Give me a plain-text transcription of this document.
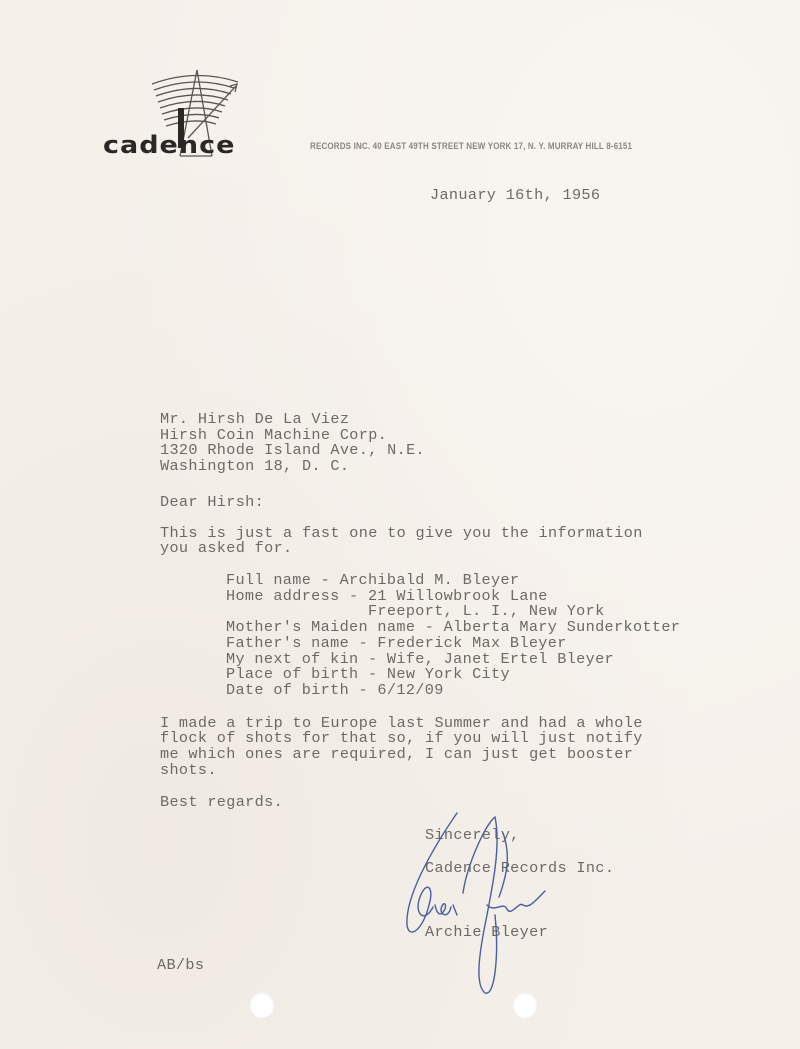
cadence	RECORDS INC. 40 EAST 49TH STREET NEW YORK 17, N. Y. MURRAY HILL 8-6151
January 16th, 1956
Mr. Hirsh De La Viez
Hirsh Coin Machine Corp.
1320 Rhode Island Ave., N.E.
Washington 18, D. C.
Dear Hirsh:
This is just a fast one to give you the information
you asked for.
Full name - Archibald M. Bleyer
Home address - 21 Willowbrook Lane
Freeport, L. I., New York
Mother's Maiden name - Alberta Mary Sunderkotter
Father's name - Frederick Max Bleyer
My next of kin - Wife, Janet Ertel Bleyer
Place of birth - New York City
Date of birth - 6/12/09
I made a trip to Europe last Summer and had a whole
flock of shots for that so, if you will just notify
me which ones are required, I can just get booster
shots.
Best regards.
Sincerely,
Cadence Records Inc.
Archie Bleyer
AB/bs
